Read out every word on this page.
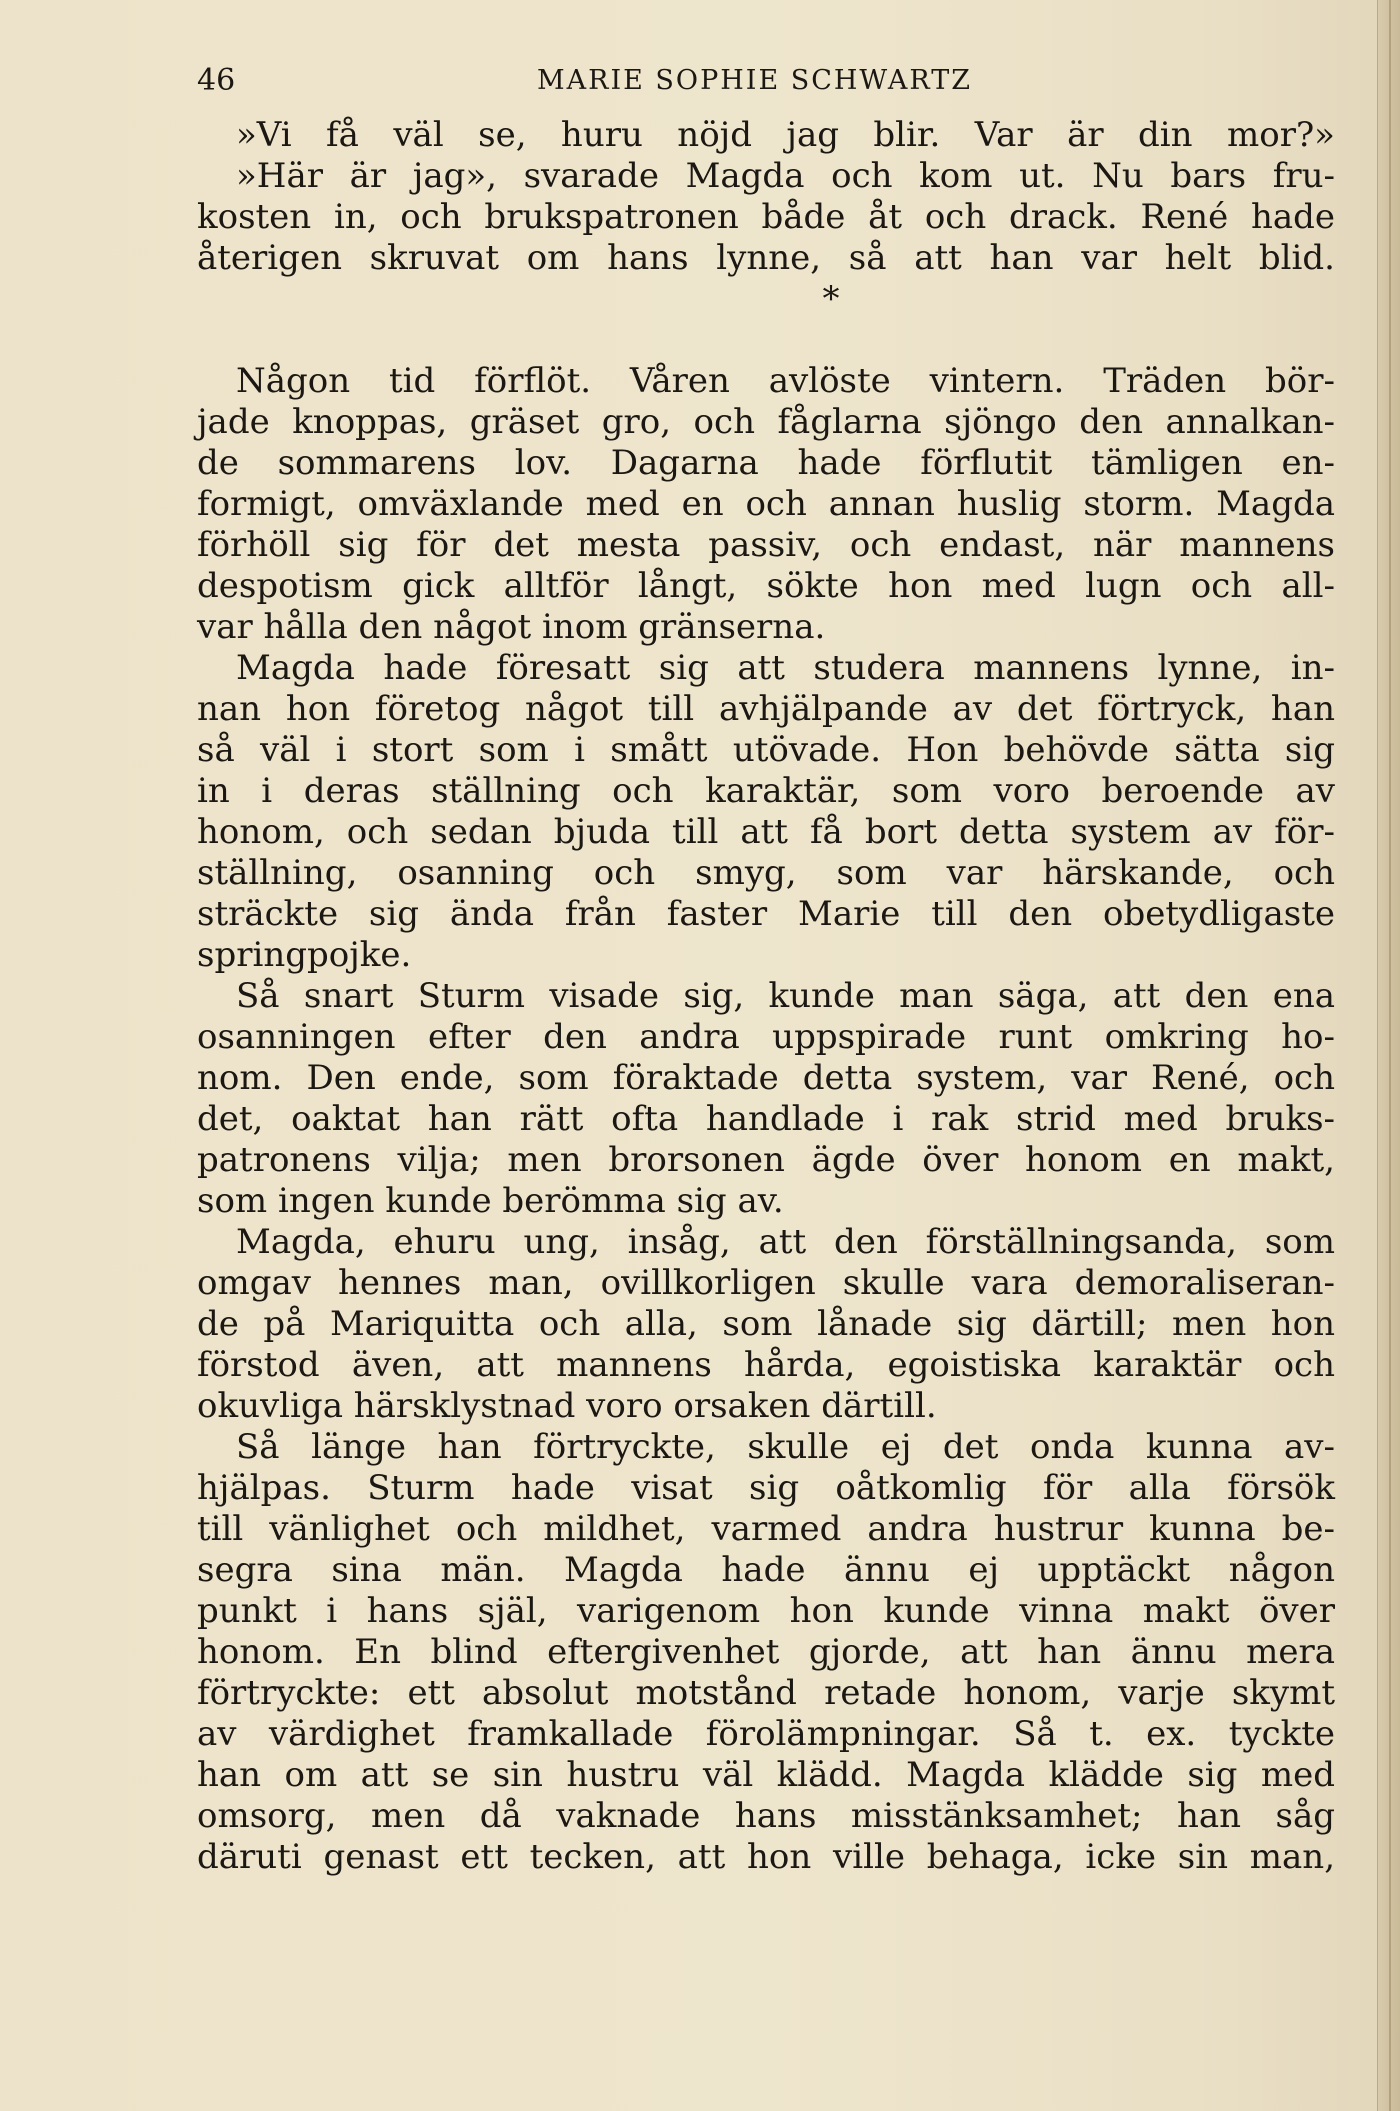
46	MARIE SOPHIE SCHWARTZ
»Vi få väl se, huru nöjd jag blir. Var är din mor?»
»Här är jag», svarade Magda och kom ut. Nu bars fru-
kosten in, och brukspatronen både åt och drack. René hade
återigen skruvat om hans lynne, så att han var helt blid.
*
Någon tid förflöt. Våren avlöste vintern. Träden bör-
jade knoppas, gräset gro, och fåglarna sjöngo den annalkan-
de sommarens lov. Dagarna hade förflutit tämligen en-
formigt, omväxlande med en och annan huslig storm. Magda
förhöll sig för det mesta passiv, och endast, när mannens
despotism gick alltför långt, sökte hon med lugn och all-
var hålla den något inom gränserna.
Magda hade föresatt sig att studera mannens lynne, in-
nan hon företog något till avhjälpande av det förtryck, han
så väl i stort som i smått utövade. Hon behövde sätta sig
in i deras ställning och karaktär, som voro beroende av
honom, och sedan bjuda till att få bort detta system av för-
ställning, osanning och smyg, som var härskande, och
sträckte sig ända från faster Marie till den obetydligaste
springpojke.
Så snart Sturm visade sig, kunde man säga, att den ena
osanningen efter den andra uppspirade runt omkring ho-
nom. Den ende, som föraktade detta system, var René, och
det, oaktat han rätt ofta handlade i rak strid med bruks-
patronens vilja; men brorsonen ägde över honom en makt,
som ingen kunde berömma sig av.
Magda, ehuru ung, insåg, att den förställningsanda, som
omgav hennes man, ovillkorligen skulle vara demoraliseran-
de på Mariquitta och alla, som lånade sig därtill; men hon
förstod även, att mannens hårda, egoistiska karaktär och
okuvliga härsklystnad voro orsaken därtill.
Så länge han förtryckte, skulle ej det onda kunna av-
hjälpas. Sturm hade visat sig oåtkomlig för alla försök
till vänlighet och mildhet, varmed andra hustrur kunna be-
segra sina män. Magda hade ännu ej upptäckt någon
punkt i hans själ, varigenom hon kunde vinna makt över
honom. En blind eftergivenhet gjorde, att han ännu mera
förtryckte: ett absolut motstånd retade honom, varje skymt
av värdighet framkallade förolämpningar. Så t. ex. tyckte
han om att se sin hustru väl klädd. Magda klädde sig med
omsorg, men då vaknade hans misstänksamhet; han såg
däruti genast ett tecken, att hon ville behaga, icke sin man,
